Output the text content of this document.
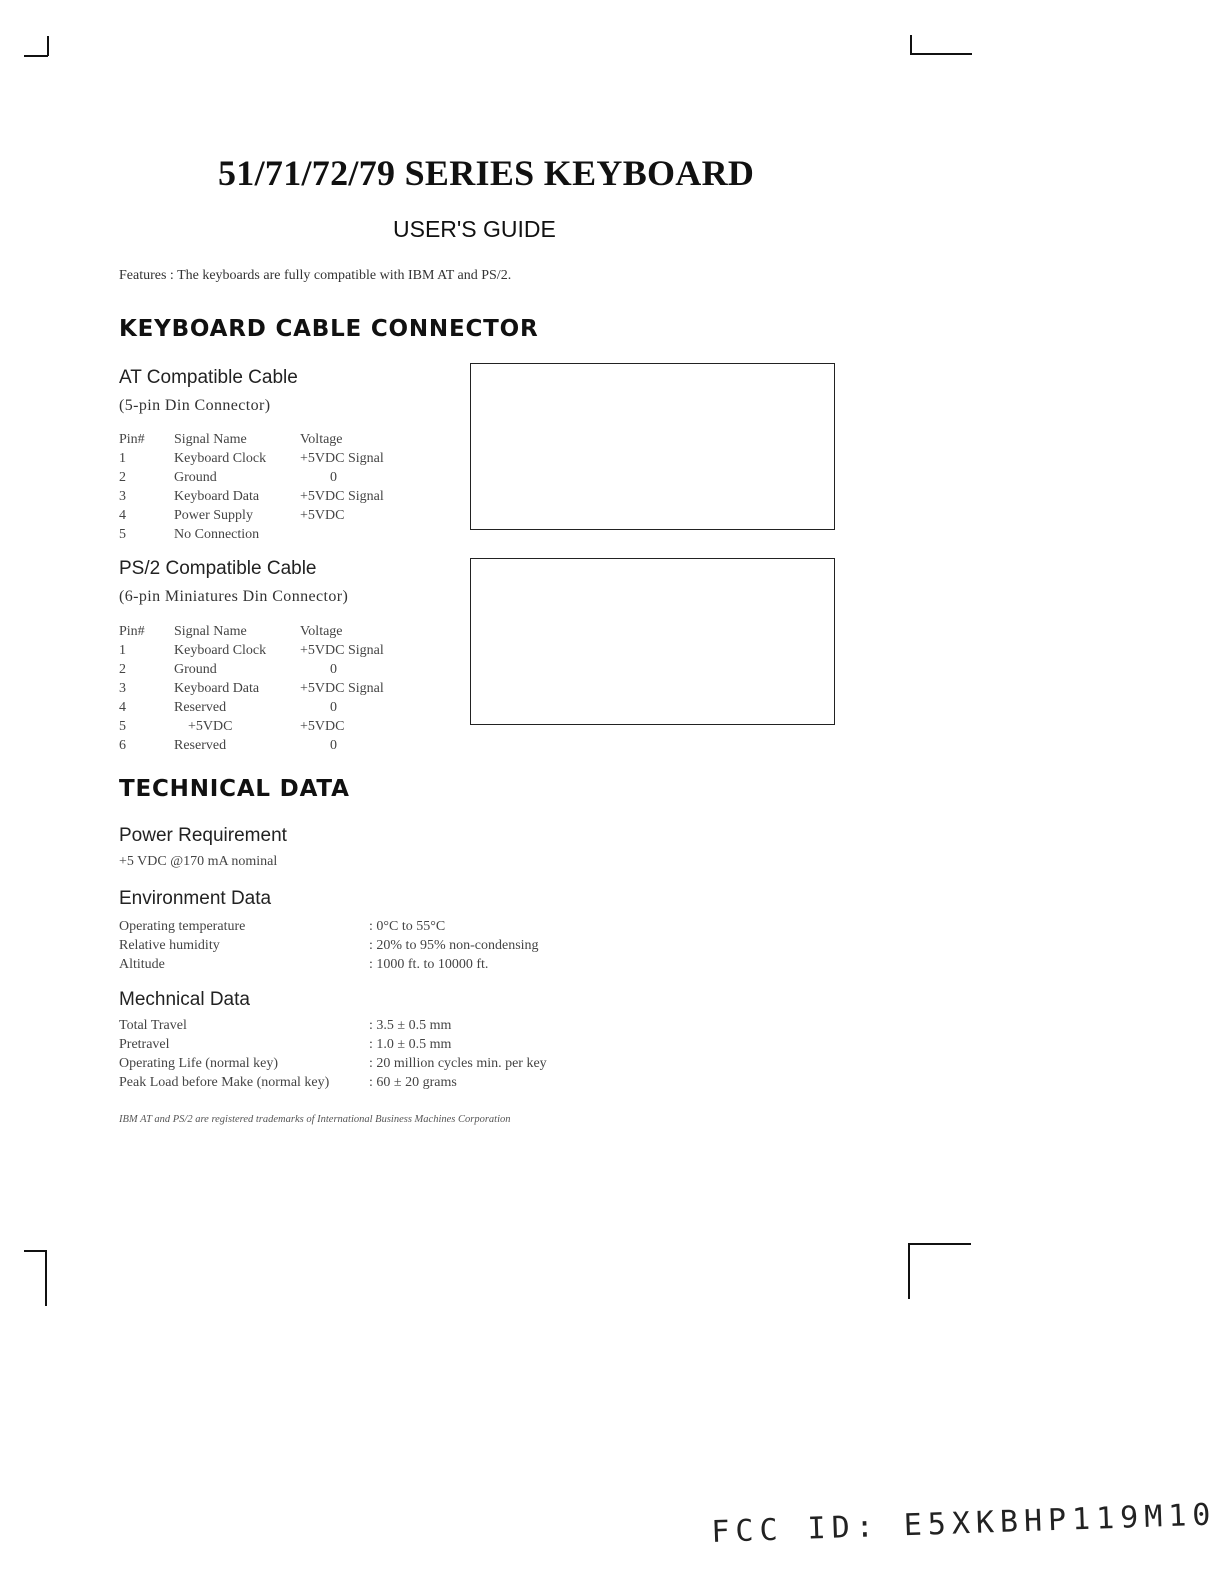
51/71/72/79 SERIES KEYBOARD
USER'S GUIDE
Features : The keyboards are fully compatible with IBM AT and PS/2.
KEYBOARD CABLE CONNECTOR
AT Compatible Cable
(5-pin Din Connector)
Pin#	Signal Name	Voltage
1	Keyboard Clock	+5VDC Signal
2	Ground	0
3	Keyboard Data	+5VDC Signal
4	Power Supply	+5VDC
5	No Connection	
PS/2 Compatible Cable
(6-pin Miniatures Din Connector)
Pin#	Signal Name	Voltage
1	Keyboard Clock	+5VDC Signal
2	Ground	0
3	Keyboard Data	+5VDC Signal
4	Reserved	0
5	+5VDC	+5VDC
6	Reserved	0
TECHNICAL DATA
Power Requirement
+5 VDC @170 mA nominal
Environment Data
Operating temperature	: 0°C to 55°C
Relative humidity	: 20% to 95% non-condensing
Altitude	: 1000 ft. to 10000 ft.
Mechnical Data
Total Travel	: 3.5 ± 0.5 mm
Pretravel	: 1.0 ± 0.5 mm
Operating Life (normal key)	: 20 million cycles min. per key
Peak Load before Make (normal key)	: 60 ± 20 grams
IBM AT and PS/2 are registered trademarks of International Business Machines Corporation
FCC ID: E5XKBHP119M10
